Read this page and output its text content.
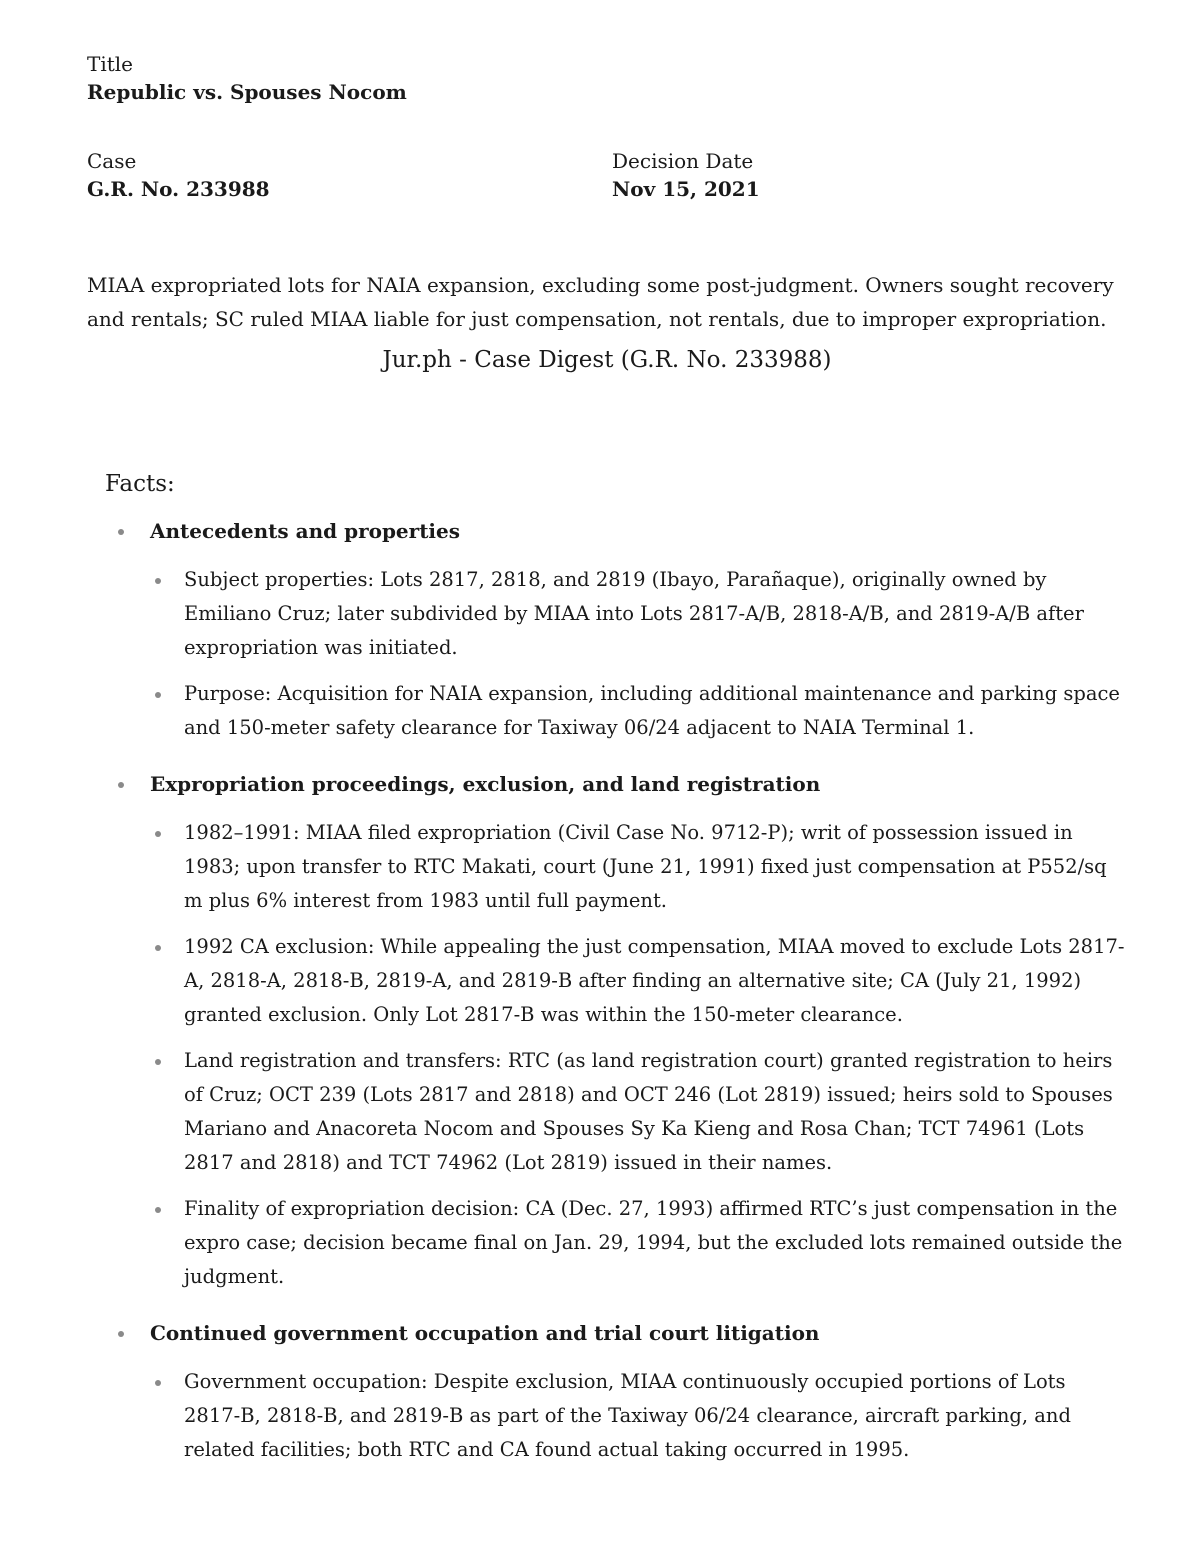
Title
Republic vs. Spouses Nocom
Case
G.R. No. 233988
Decision Date
Nov 15, 2021

MIAA expropriated lots for NAIA expansion, excluding some post-judgment. Owners sought recovery and rentals; SC ruled MIAA liable for just compensation, not rentals, due to improper expropriation.

Jur.ph - Case Digest (G.R. No. 233988)
Facts:
Antecedents and properties
Subject properties: Lots 2817, 2818, and 2819 (Ibayo, Parañaque), originally owned by Emiliano Cruz; later subdivided by MIAA into Lots 2817-A/B, 2818-A/B, and 2819-A/B after expropriation was initiated.
Purpose: Acquisition for NAIA expansion, including additional maintenance and parking space and 150-meter safety clearance for Taxiway 06/24 adjacent to NAIA Terminal 1.
Expropriation proceedings, exclusion, and land registration
1982–1991: MIAA filed expropriation (Civil Case No. 9712-P); writ of possession issued in 1983; upon transfer to RTC Makati, court (June 21, 1991) fixed just compensation at P552/sq m plus 6% interest from 1983 until full payment.
1992 CA exclusion: While appealing the just compensation, MIAA moved to exclude Lots 2817-A, 2818-A, 2818-B, 2819-A, and 2819-B after finding an alternative site; CA (July 21, 1992) granted exclusion. Only Lot 2817-B was within the 150-meter clearance.
Land registration and transfers: RTC (as land registration court) granted registration to heirs of Cruz; OCT 239 (Lots 2817 and 2818) and OCT 246 (Lot 2819) issued; heirs sold to Spouses Mariano and Anacoreta Nocom and Spouses Sy Ka Kieng and Rosa Chan; TCT 74961 (Lots 2817 and 2818) and TCT 74962 (Lot 2819) issued in their names.
Finality of expropriation decision: CA (Dec. 27, 1993) affirmed RTC’s just compensation in the expro case; decision became final on Jan. 29, 1994, but the excluded lots remained outside the judgment.
Continued government occupation and trial court litigation
Government occupation: Despite exclusion, MIAA continuously occupied portions of Lots 2817-B, 2818-B, and 2819-B as part of the Taxiway 06/24 clearance, aircraft parking, and related facilities; both RTC and CA found actual taking occurred in 1995.
